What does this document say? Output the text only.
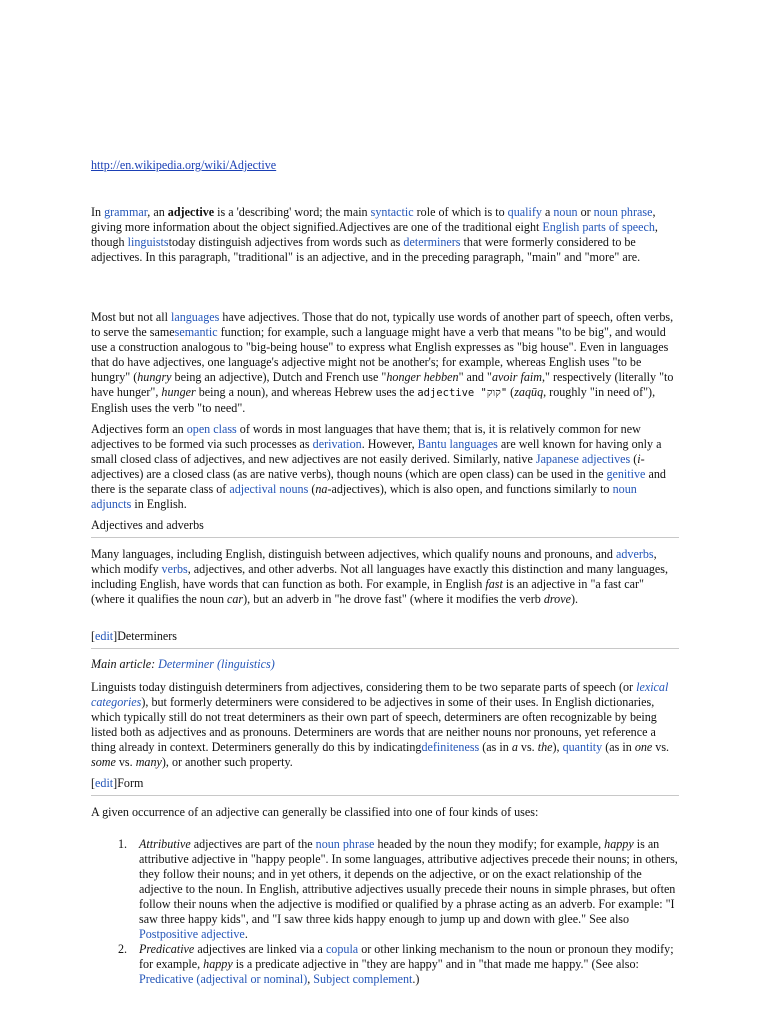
http://en.wikipedia.org/wiki/Adjective

In grammar, an adjective is a 'describing' word; the main syntactic role of which is to qualify a noun or noun phrase, giving more information about the object signified.Adjectives are one of the traditional eight English parts of speech, though linguiststoday distinguish adjectives from words such as determiners that were formerly considered to be adjectives. In this paragraph, "traditional" is an adjective, and in the preceding paragraph, "main" and "more" are.

Most but not all languages have adjectives. Those that do not, typically use words of another part of speech, often verbs, to serve the samesemantic function; for example, such a language might have a verb that means "to be big", and would use a construction analogous to "big-being house" to express what English expresses as "big house". Even in languages that do have adjectives, one language's adjective might not be another's; for example, whereas English uses "to be hungry" (hungry being an adjective), Dutch and French use "honger hebben" and "avoir faim," respectively (literally "to have hunger", hunger being a noun), and whereas Hebrew uses the adjective "קוק" (zaqūq, roughly "in need of"), English uses the verb "to need".

Adjectives form an open class of words in most languages that have them; that is, it is relatively common for new adjectives to be formed via such processes as derivation. However, Bantu languages are well known for having only a small closed class of adjectives, and new adjectives are not easily derived. Similarly, native Japanese adjectives (i-adjectives) are a closed class (as are native verbs), though nouns (which are open class) can be used in the genitive and there is the separate class of adjectival nouns (na-adjectives), which is also open, and functions similarly to noun adjuncts in English.

Adjectives and adverbs

Many languages, including English, distinguish between adjectives, which qualify nouns and pronouns, and adverbs, which modify verbs, adjectives, and other adverbs. Not all languages have exactly this distinction and many languages, including English, have words that can function as both. For example, in English fast is an adjective in "a fast car" (where it qualifies the noun car), but an adverb in "he drove fast" (where it modifies the verb drove).

[edit]Determiners
Main article: Determiner (linguistics)

Linguists today distinguish determiners from adjectives, considering them to be two separate parts of speech (or lexical categories), but formerly determiners were considered to be adjectives in some of their uses. In English dictionaries, which typically still do not treat determiners as their own part of speech, determiners are often recognizable by being listed both as adjectives and as pronouns. Determiners are words that are neither nouns nor pronouns, yet reference a thing already in context. Determiners generally do this by indicatingdefiniteness (as in a vs. the), quantity (as in one vs. some vs. many), or another such property.

[edit]Form

A given occurrence of an adjective can generally be classified into one of four kinds of uses:

1. Attributive adjectives are part of the noun phrase headed by the noun they modify; for example, happy is an attributive adjective in "happy people". In some languages, attributive adjectives precede their nouns; in others, they follow their nouns; and in yet others, it depends on the adjective, or on the exact relationship of the adjective to the noun. In English, attributive adjectives usually precede their nouns in simple phrases, but often follow their nouns when the adjective is modified or qualified by a phrase acting as an adverb. For example: "I saw three happy kids", and "I saw three kids happy enough to jump up and down with glee." See also Postpositive adjective.
2. Predicative adjectives are linked via a copula or other linking mechanism to the noun or pronoun they modify; for example, happy is a predicate adjective in "they are happy" and in "that made me happy." (See also: Predicative (adjectival or nominal), Subject complement.)
